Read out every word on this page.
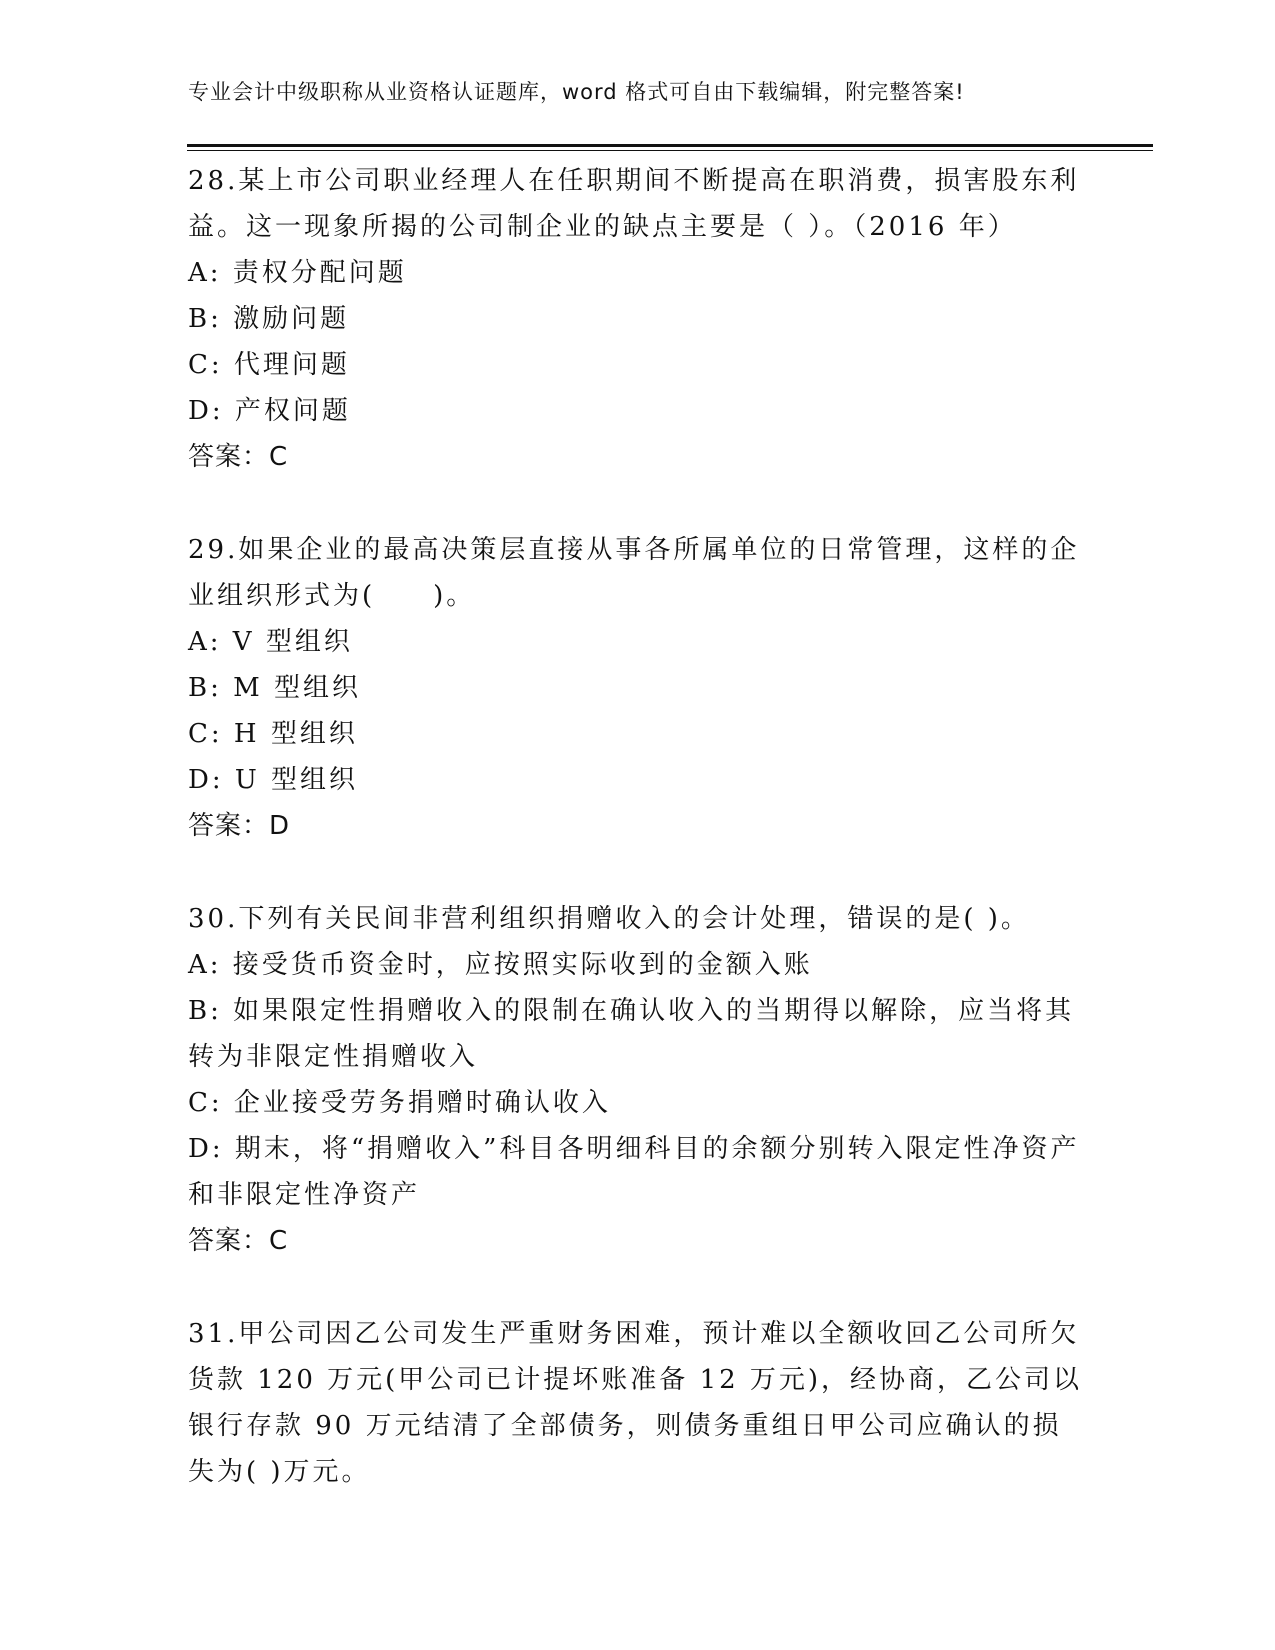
专业会计中级职称从业资格认证题库，word 格式可自由下载编辑，附完整答案!
28.某上市公司职业经理人在任职期间不断提高在职消费，损害股东利益。这一现象所揭的公司制企业的缺点主要是（ ）。（2016 年）
A: 责权分配问题
B: 激励问题
C: 代理问题
D: 产权问题
答案：C
29.如果企业的最高决策层直接从事各所属单位的日常管理，这样的企业组织形式为(　　)。
A: V 型组织
B: M 型组织
C: H 型组织
D: U 型组织
答案：D
30.下列有关民间非营利组织捐赠收入的会计处理，错误的是( )。
A: 接受货币资金时，应按照实际收到的金额入账
B: 如果限定性捐赠收入的限制在确认收入的当期得以解除，应当将其转为非限定性捐赠收入
C: 企业接受劳务捐赠时确认收入
D: 期末，将“捐赠收入”科目各明细科目的余额分别转入限定性净资产和非限定性净资产
答案：C
31.甲公司因乙公司发生严重财务困难，预计难以全额收回乙公司所欠货款 120 万元(甲公司已计提坏账准备 12 万元)，经协商，乙公司以银行存款 90 万元结清了全部债务，则债务重组日甲公司应确认的损失为( )万元。
